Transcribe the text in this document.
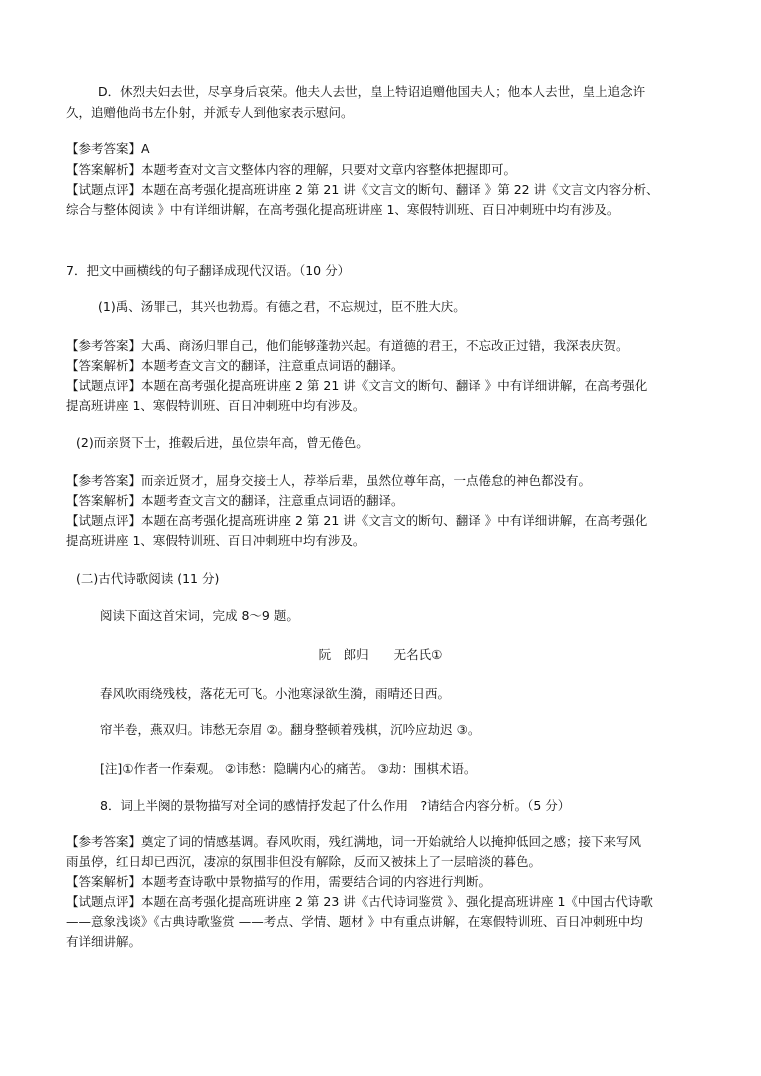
D．休烈夫妇去世，尽享身后哀荣。他夫人去世，皇上特诏追赠他国夫人；他本人去世，皇上追念许
久，追赠他尚书左仆射，并派专人到他家表示慰问。
【参考答案】A
【答案解析】本题考查对文言文整体内容的理解，只要对文章内容整体把握即可。
【试题点评】本题在高考强化提高班讲座 2 第 21 讲《文言文的断句、翻译 》第 22 讲《文言文内容分析、
综合与整体阅读 》中有详细讲解，在高考强化提高班讲座 1、寒假特训班、百日冲刺班中均有涉及。
7．把文中画横线的句子翻译成现代汉语。（10 分）
(1)禹、汤罪己，其兴也勃焉。有德之君，不忘规过，臣不胜大庆。
【参考答案】大禹、商汤归罪自己，他们能够蓬勃兴起。有道德的君王，不忘改正过错，我深表庆贺。
【答案解析】本题考查文言文的翻译，注意重点词语的翻译。
【试题点评】本题在高考强化提高班讲座 2 第 21 讲《文言文的断句、翻译 》中有详细讲解，在高考强化
提高班讲座 1、寒假特训班、百日冲刺班中均有涉及。
(2)而亲贤下士，推毂后进，虽位崇年高，曾无倦色。
【参考答案】而亲近贤才，屈身交接士人，荐举后辈，虽然位尊年高，一点倦怠的神色都没有。
【答案解析】本题考查文言文的翻译，注意重点词语的翻译。
【试题点评】本题在高考强化提高班讲座 2 第 21 讲《文言文的断句、翻译 》中有详细讲解，在高考强化
提高班讲座 1、寒假特训班、百日冲刺班中均有涉及。
(二)古代诗歌阅读 (11 分)
阅读下面这首宋词，完成 8～9 题。
阮　郎归　　无名氏①
春风吹雨绕残枝，落花无可飞。小池寒渌欲生漪，雨晴还日西。
帘半卷，燕双归。讳愁无奈眉 ②。翻身整顿着残棋，沉吟应劫迟 ③。
[注]①作者一作秦观。 ②讳愁：隐瞒内心的痛苦。 ③劫：围棋术语。
8．词上半阕的景物描写对全词的感情抒发起了什么作用　?请结合内容分析。（5 分）
【参考答案】奠定了词的情感基调。春风吹雨，残红满地，词一开始就给人以掩抑低回之感；接下来写风
雨虽停，红日却已西沉，凄凉的氛围非但没有解除，反而又被抹上了一层暗淡的暮色。
【答案解析】本题考查诗歌中景物描写的作用，需要结合词的内容进行判断。
【试题点评】本题在高考强化提高班讲座 2 第 23 讲《古代诗词鉴赏 》、强化提高班讲座 1《中国古代诗歌
——意象浅谈》《古典诗歌鉴赏 ——考点、学情、题材 》中有重点讲解，在寒假特训班、百日冲刺班中均
有详细讲解。
